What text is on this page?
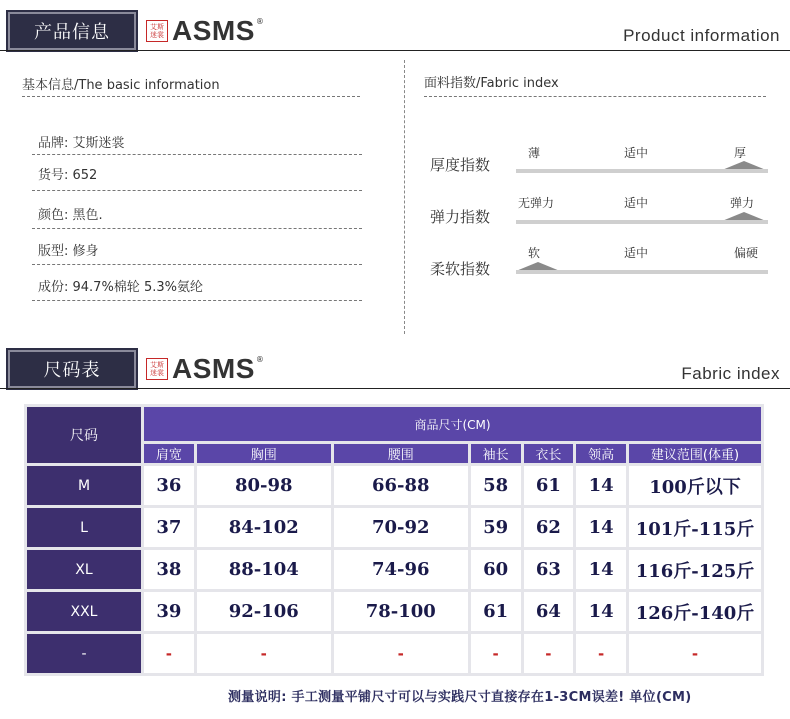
产品信息	艾斯
迷裳 ASMS ®
Product information
基本信息/The basic information
品牌: 艾斯迷裳
货号: 652
颜色: 黑色.
版型: 修身
成份: 94.7%棉轮 5.3%氨纶
面料指数/Fabric index
厚度指数
薄	适中	厚
弹力指数
无弹力	适中	弹力
柔软指数
软	适中	偏硬
尺码表	艾斯
迷裳 ASMS ®
Fabric index
尺码	商品尺寸(CM)						
	肩宽	胸围	腰围	袖长	衣长	领高	建议范围(体重)
M	36	80-98	66-88	58	61	14	100斤以下
L	37	84-102	70-92	59	62	14	101斤-115斤
XL	38	88-104	74-96	60	63	14	116斤-125斤
XXL	39	92-106	78-100	61	64	14	126斤-140斤
-	-	-	-	-	-	-	-
测量说明: 手工测量平铺尺寸可以与实践尺寸直接存在1-3CM误差! 单位(CM)
